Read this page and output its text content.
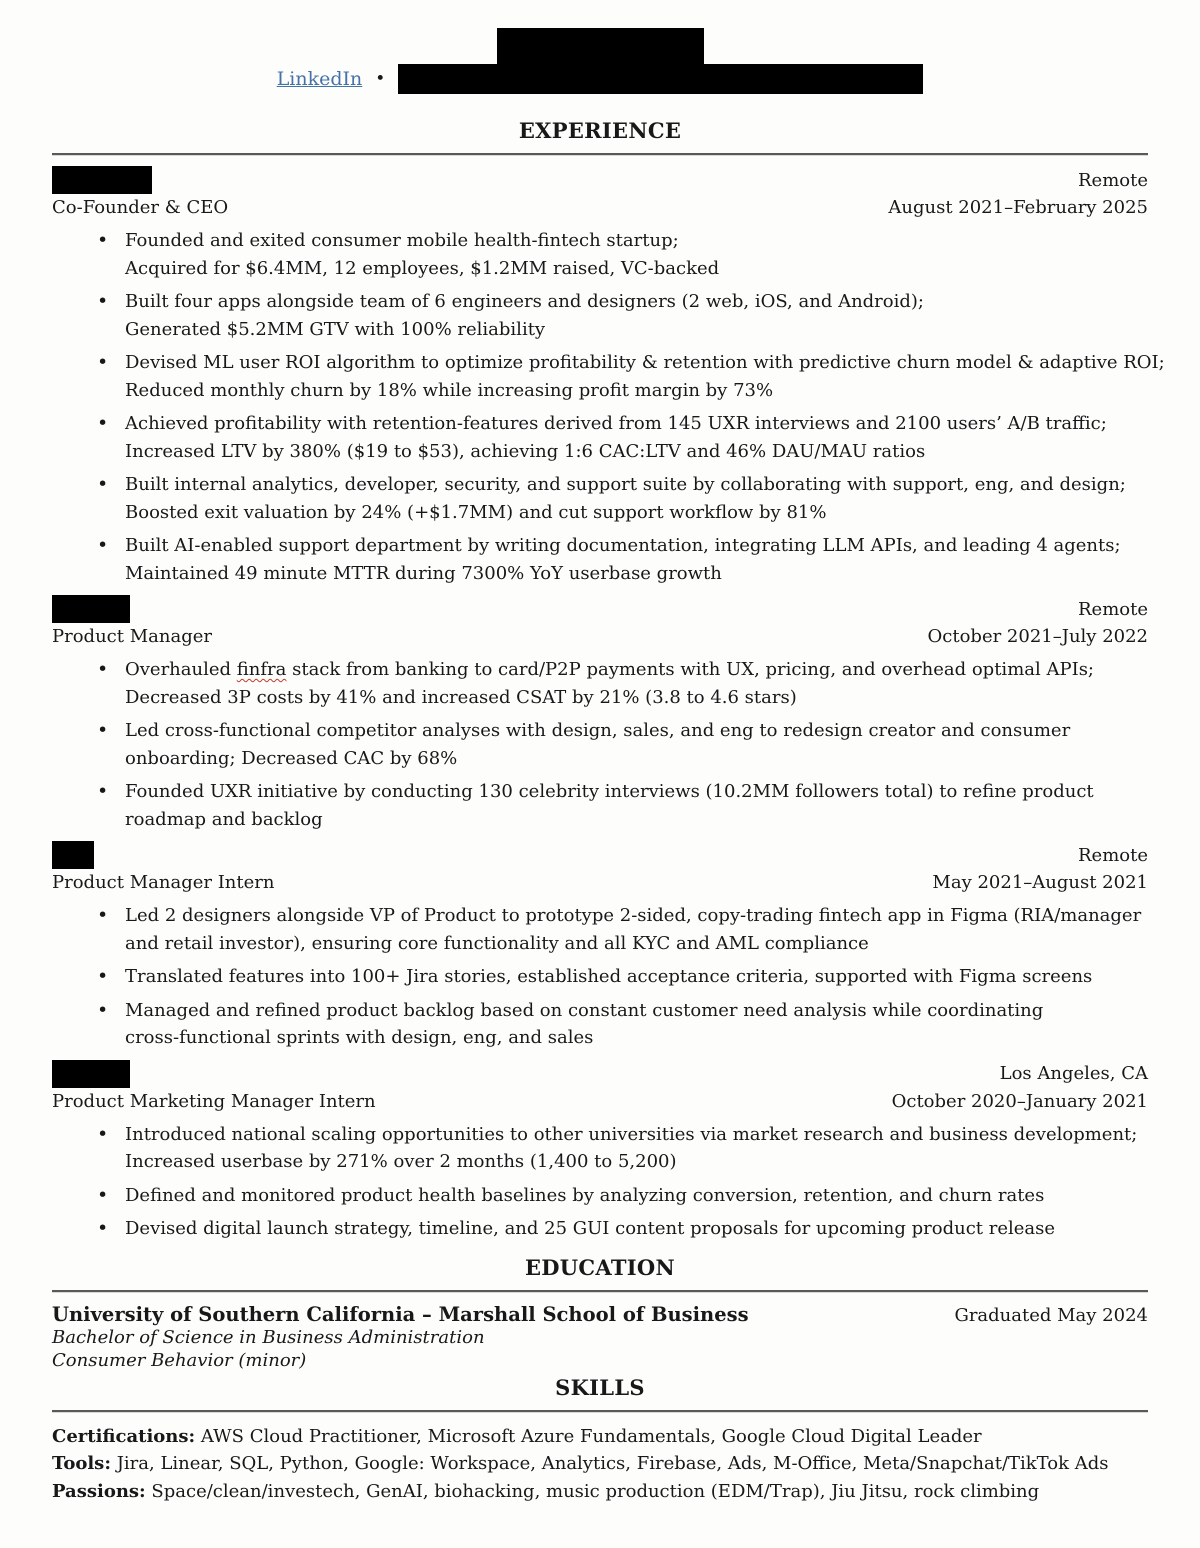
LinkedIn •
EXPERIENCE
Remote
Co-Founder & CEO	August 2021–February 2025
• Founded and exited consumer mobile health-fintech startup;
Acquired for $6.4MM, 12 employees, $1.2MM raised, VC-backed
• Built four apps alongside team of 6 engineers and designers (2 web, iOS, and Android);
Generated $5.2MM GTV with 100% reliability
• Devised ML user ROI algorithm to optimize profitability & retention with predictive churn model & adaptive ROI;
Reduced monthly churn by 18% while increasing profit margin by 73%
• Achieved profitability with retention-features derived from 145 UXR interviews and 2100 users’ A/B traffic;
Increased LTV by 380% ($19 to $53), achieving 1:6 CAC:LTV and 46% DAU/MAU ratios
• Built internal analytics, developer, security, and support suite by collaborating with support, eng, and design;
Boosted exit valuation by 24% (+$1.7MM) and cut support workflow by 81%
• Built AI-enabled support department by writing documentation, integrating LLM APIs, and leading 4 agents;
Maintained 49 minute MTTR during 7300% YoY userbase growth
Remote
Product Manager	October 2021–July 2022
• Overhauled finfra stack from banking to card/P2P payments with UX, pricing, and overhead optimal APIs;
Decreased 3P costs by 41% and increased CSAT by 21% (3.8 to 4.6 stars)
• Led cross-functional competitor analyses with design, sales, and eng to redesign creator and consumer
onboarding; Decreased CAC by 68%
• Founded UXR initiative by conducting 130 celebrity interviews (10.2MM followers total) to refine product
roadmap and backlog
Remote
Product Manager Intern	May 2021–August 2021
• Led 2 designers alongside VP of Product to prototype 2-sided, copy-trading fintech app in Figma (RIA/manager
and retail investor), ensuring core functionality and all KYC and AML compliance
• Translated features into 100+ Jira stories, established acceptance criteria, supported with Figma screens
• Managed and refined product backlog based on constant customer need analysis while coordinating
cross-functional sprints with design, eng, and sales
Los Angeles, CA
Product Marketing Manager Intern	October 2020–January 2021
• Introduced national scaling opportunities to other universities via market research and business development;
Increased userbase by 271% over 2 months (1,400 to 5,200)
• Defined and monitored product health baselines by analyzing conversion, retention, and churn rates
• Devised digital launch strategy, timeline, and 25 GUI content proposals for upcoming product release
EDUCATION
University of Southern California – Marshall School of Business	Graduated May 2024
Bachelor of Science in Business Administration
Consumer Behavior (minor)
SKILLS
Certifications: AWS Cloud Practitioner, Microsoft Azure Fundamentals, Google Cloud Digital Leader
Tools: Jira, Linear, SQL, Python, Google: Workspace, Analytics, Firebase, Ads, M-Office, Meta/Snapchat/TikTok Ads
Passions: Space/clean/investech, GenAI, biohacking, music production (EDM/Trap), Jiu Jitsu, rock climbing
